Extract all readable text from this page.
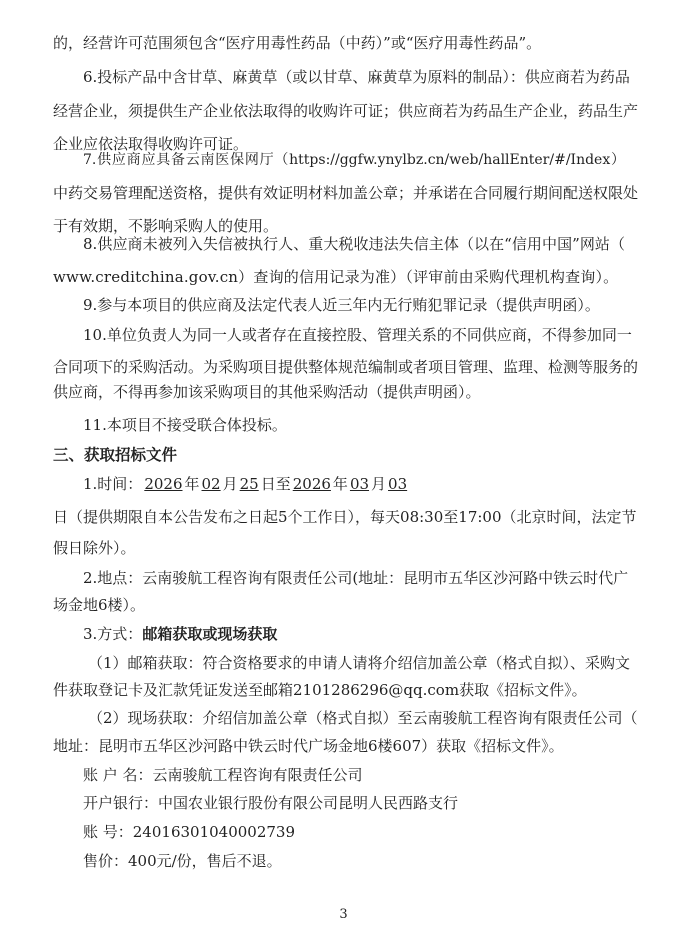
的，经营许可范围须包含“医疗用毒性药品（中药）”或“医疗用毒性药品”。
6.投标产品中含甘草、麻黄草（或以甘草、麻黄草为原料的制品）：供应商若为药品
经营企业，须提供生产企业依法取得的收购许可证；供应商若为药品生产企业，药品生产
企业应依法取得收购许可证。
7.供应商应具备云南医保网厅（https://ggfw.ynylbz.cn/web/hallEnter/#/Index）
中药交易管理配送资格，提供有效证明材料加盖公章；并承诺在合同履行期间配送权限处
于有效期，不影响采购人的使用。
8.供应商未被列入失信被执行人、重大税收违法失信主体（以在“信用中国”网站（
www.creditchina.gov.cn）查询的信用记录为准）（评审前由采购代理机构查询）。
9.参与本项目的供应商及法定代表人近三年内无行贿犯罪记录（提供声明函）。
10.单位负责人为同一人或者存在直接控股、管理关系的不同供应商，不得参加同一
合同项下的采购活动。为采购项目提供整体规范编制或者项目管理、监理、检测等服务的
供应商，不得再参加该采购项目的其他采购活动（提供声明函）。
11.本项目不接受联合体投标。
三、获取招标文件
1.时间： 2026 年 02 月 25 日至 2026 年 03 月 03
日（提供期限自本公告发布之日起5个工作日），每天08:30至17:00（北京时间，法定节
假日除外）。
2.地点：云南骏航工程咨询有限责任公司(地址：昆明市五华区沙河路中铁云时代广
场金地6楼）。
3.方式：邮箱获取或现场获取
（1）邮箱获取：符合资格要求的申请人请将介绍信加盖公章（格式自拟）、采购文
件获取登记卡及汇款凭证发送至邮箱2101286296@qq.com获取《招标文件》。
（2）现场获取：介绍信加盖公章（格式自拟）至云南骏航工程咨询有限责任公司（
地址：昆明市五华区沙河路中铁云时代广场金地6楼607）获取《招标文件》。
账 户 名：云南骏航工程咨询有限责任公司
开户银行：中国农业银行股份有限公司昆明人民西路支行
账 号：24016301040002739
售价：400元/份，售后不退。
3
